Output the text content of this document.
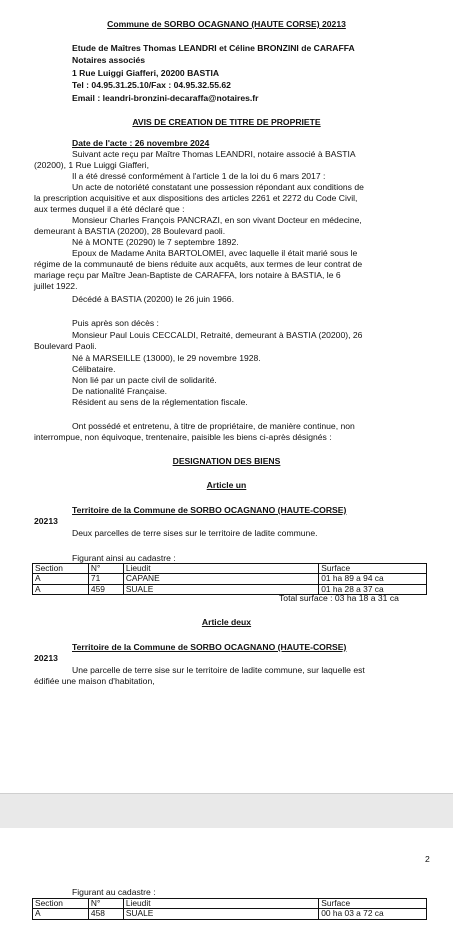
Commune de SORBO OCAGNANO (HAUTE CORSE) 20213

Etude de Maîtres Thomas LEANDRI et Céline BRONZINI de CARAFFA

Notaires associés

1 Rue Luiggi Giafferi, 20200 BASTIA

Tel : 04.95.31.25.10/Fax : 04.95.32.55.62

Email : leandri-bronzini-decaraffa@notaires.fr

AVIS DE CREATION DE TITRE DE PROPRIETE

Date de l'acte : 26 novembre 2024

Suivant acte reçu par Maître Thomas LEANDRI, notaire associé à BASTIA

(20200), 1 Rue Luiggi Giafferi,

Il a été dressé conformément à l'article 1 de la loi du 6 mars 2017 :

Un acte de notoriété constatant une possession répondant aux conditions de

la prescription acquisitive et aux dispositions des articles 2261 et 2272 du Code Civil,

aux termes duquel il a été déclaré que :

Monsieur Charles François PANCRAZI, en son vivant Docteur en médecine,

demeurant à BASTIA (20200), 28 Boulevard paoli.

Né à MONTE (20290) le 7 septembre 1892.

Epoux de Madame Anita BARTOLOMEI, avec laquelle il était marié sous le

régime de la communauté de biens réduite aux acquêts, aux termes de leur contrat de

mariage reçu par Maître Jean-Baptiste de CARAFFA, lors notaire à BASTIA, le 6

juillet 1922.

Décédé à BASTIA (20200) le 26 juin 1966.

Puis après son décès :

Monsieur Paul Louis CECCALDI, Retraité, demeurant à BASTIA (20200), 26

Boulevard Paoli.

Né à MARSEILLE (13000), le 29 novembre 1928.

Célibataire.

Non lié par un pacte civil de solidarité.

De nationalité Française.

Résident au sens de la réglementation fiscale.

Ont possédé et entretenu, à titre de propriétaire, de manière continue, non

interrompue, non équivoque, trentenaire, paisible les biens ci-après désignés :

DESIGNATION DES BIENS

Article un

Territoire de la Commune de SORBO OCAGNANO (HAUTE-CORSE)

20213

Deux parcelles de terre sises sur le territoire de ladite commune.

Figurant ainsi au cadastre :

Section	N°	Lieudit	Surface
A	71	CAPANE	01 ha 89 a 94 ca
A	459	SUALE	01 ha 28 a 37 ca

Total surface : 03 ha 18 a 31 ca

Article deux

Territoire de la Commune de SORBO OCAGNANO (HAUTE-CORSE)

20213

Une parcelle de terre sise sur le territoire de ladite commune, sur laquelle est

édifiée une maison d'habitation,

2

Figurant au cadastre :

Section	N°	Lieudit	Surface
A	458	SUALE	00 ha 03 a 72 ca
